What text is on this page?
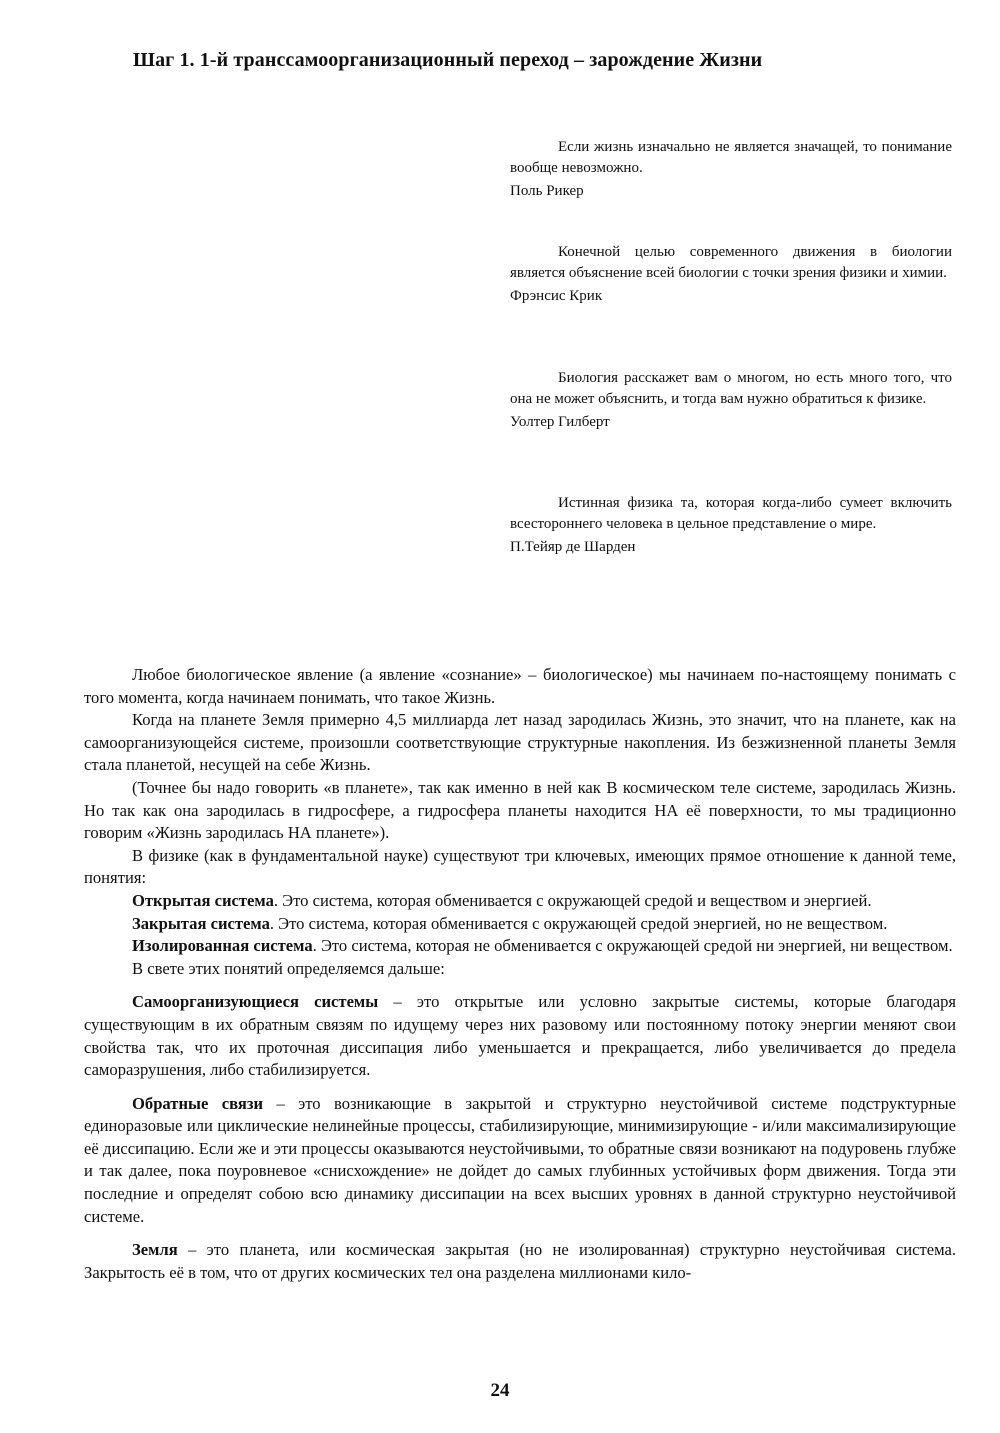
Шаг 1. 1-й транссамоорганизационный переход – зарождение Жизни

Если жизнь изначально не является значащей, то понимание вообще невозможно.

Поль Рикер

Конечной целью современного движения в биологии является объяснение всей биологии с точки зрения физики и химии.

Фрэнсис Крик

Биология расскажет вам о многом, но есть много того, что она не может объяснить, и тогда вам нужно обратиться к физике.

Уолтер Гилберт

Истинная физика та, которая когда-либо сумеет включить всестороннего человека в цельное представление о мире.

П.Тейяр де Шарден

Любое биологическое явление (а явление «сознание» – биологическое) мы начинаем по-настоящему понимать с того момента, когда начинаем понимать, что такое Жизнь.

Когда на планете Земля примерно 4,5 миллиарда лет назад зародилась Жизнь, это значит, что на планете, как на самоорганизующейся системе, произошли соответствующие структурные накопления. Из безжизненной планеты Земля стала планетой, несущей на себе Жизнь.

(Точнее бы надо говорить «в планете», так как именно в ней как В космическом теле системе, зародилась Жизнь. Но так как она зародилась в гидросфере, а гидросфера планеты находится НА её поверхности, то мы традиционно говорим «Жизнь зародилась НА планете»).

В физике (как в фундаментальной науке) существуют три ключевых, имеющих прямое отношение к данной теме, понятия:

Открытая система. Это система, которая обменивается с окружающей средой и веществом и энергией.

Закрытая система. Это система, которая обменивается с окружающей средой энергией, но не веществом.

Изолированная система. Это система, которая не обменивается с окружающей средой ни энергией, ни веществом.

В свете этих понятий определяемся дальше:

Самоорганизующиеся системы – это открытые или условно закрытые системы, которые благодаря существующим в их обратным связям по идущему через них разовому или постоянному потоку энергии меняют свои свойства так, что их проточная диссипация либо уменьшается и прекращается, либо увеличивается до предела саморазрушения, либо стабилизируется.

Обратные связи – это возникающие в закрытой и структурно неустойчивой системе подструктурные единоразовые или циклические нелинейные процессы, стабилизирующие, минимизирующие - и/или максимализирующие её диссипацию. Если же и эти процессы оказываются неустойчивыми, то обратные связи возникают на подуровень глубже и так далее, пока поуровневое «снисхождение» не дойдет до самых глубинных устойчивых форм движения. Тогда эти последние и определят собою всю динамику диссипации на всех высших уровнях в данной структурно неустойчивой системе.

Земля – это планета, или космическая закрытая (но не изолированная) структурно неустойчивая система. Закрытость её в том, что от других космических тел она разделена миллионами кило-

24
